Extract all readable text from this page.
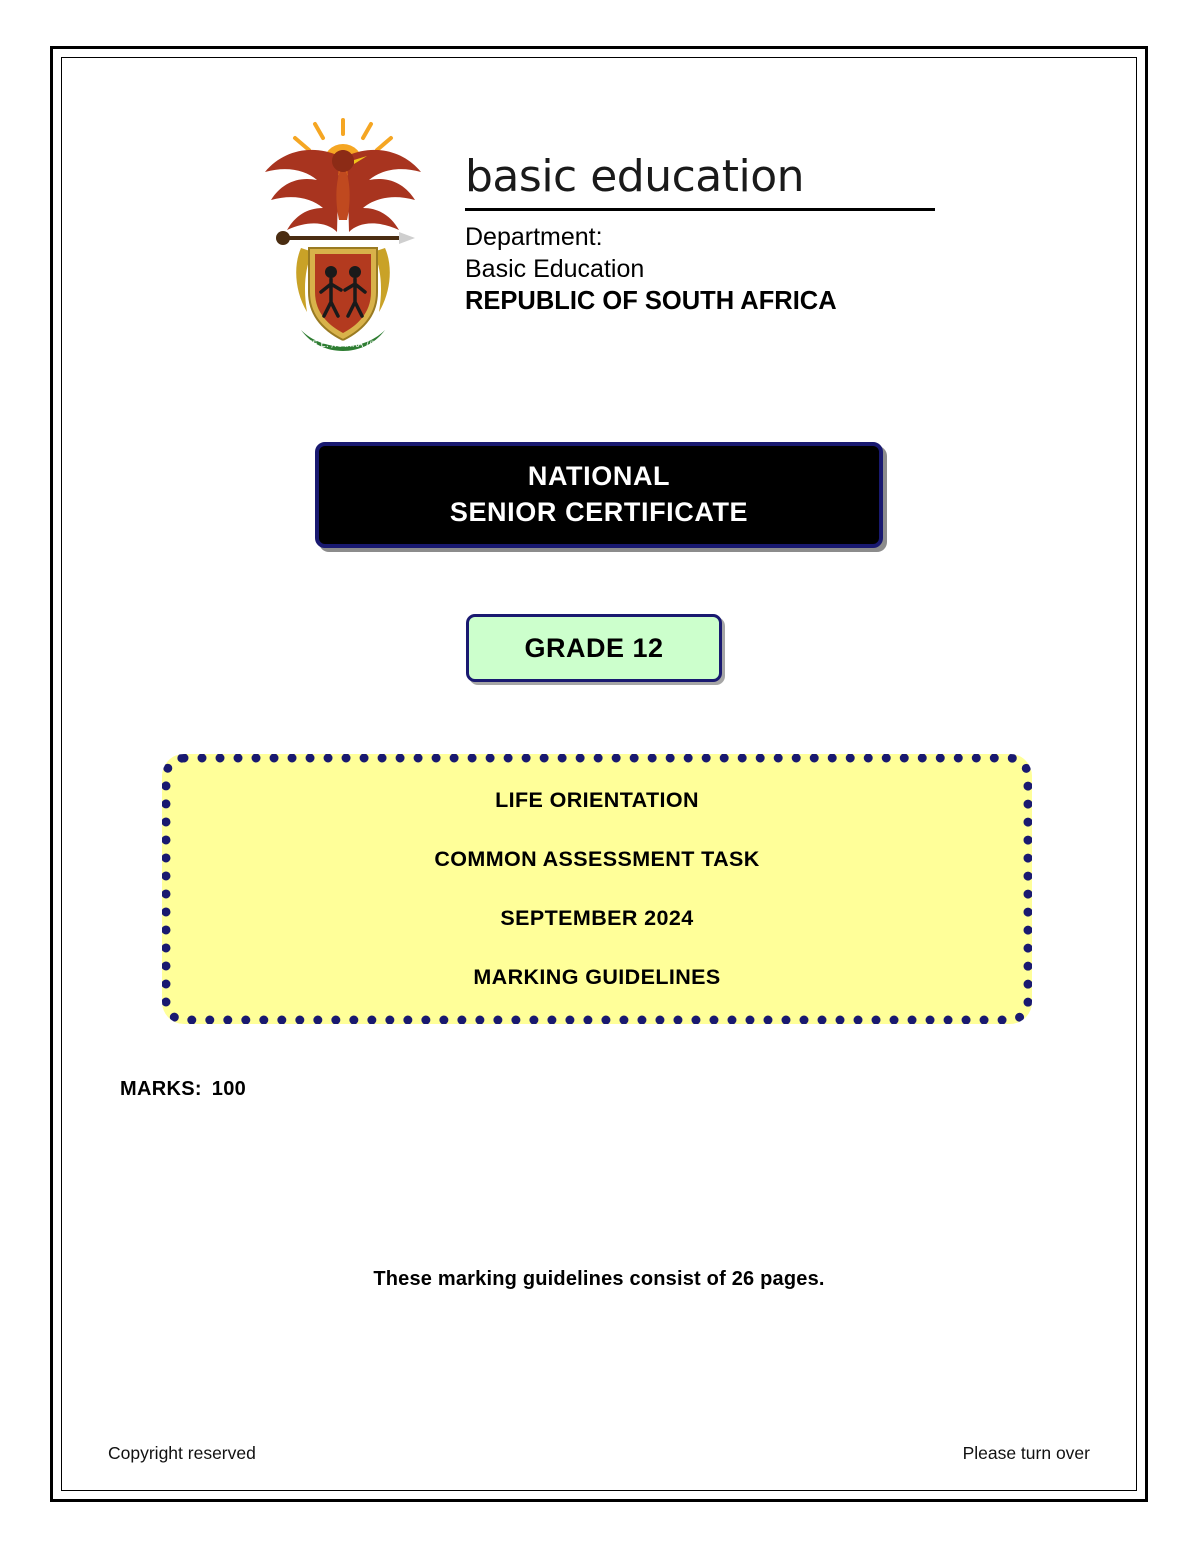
!KE E: /XARRA //KE
basic education
Department:
Basic Education
REPUBLIC OF SOUTH AFRICA
NATIONAL
SENIOR CERTIFICATE
GRADE 12
LIFE ORIENTATION
COMMON ASSESSMENT TASK
SEPTEMBER 2024
MARKING GUIDELINES
MARKS: 100
These marking guidelines consist of 26 pages.
Copyright reserved	Please turn over
